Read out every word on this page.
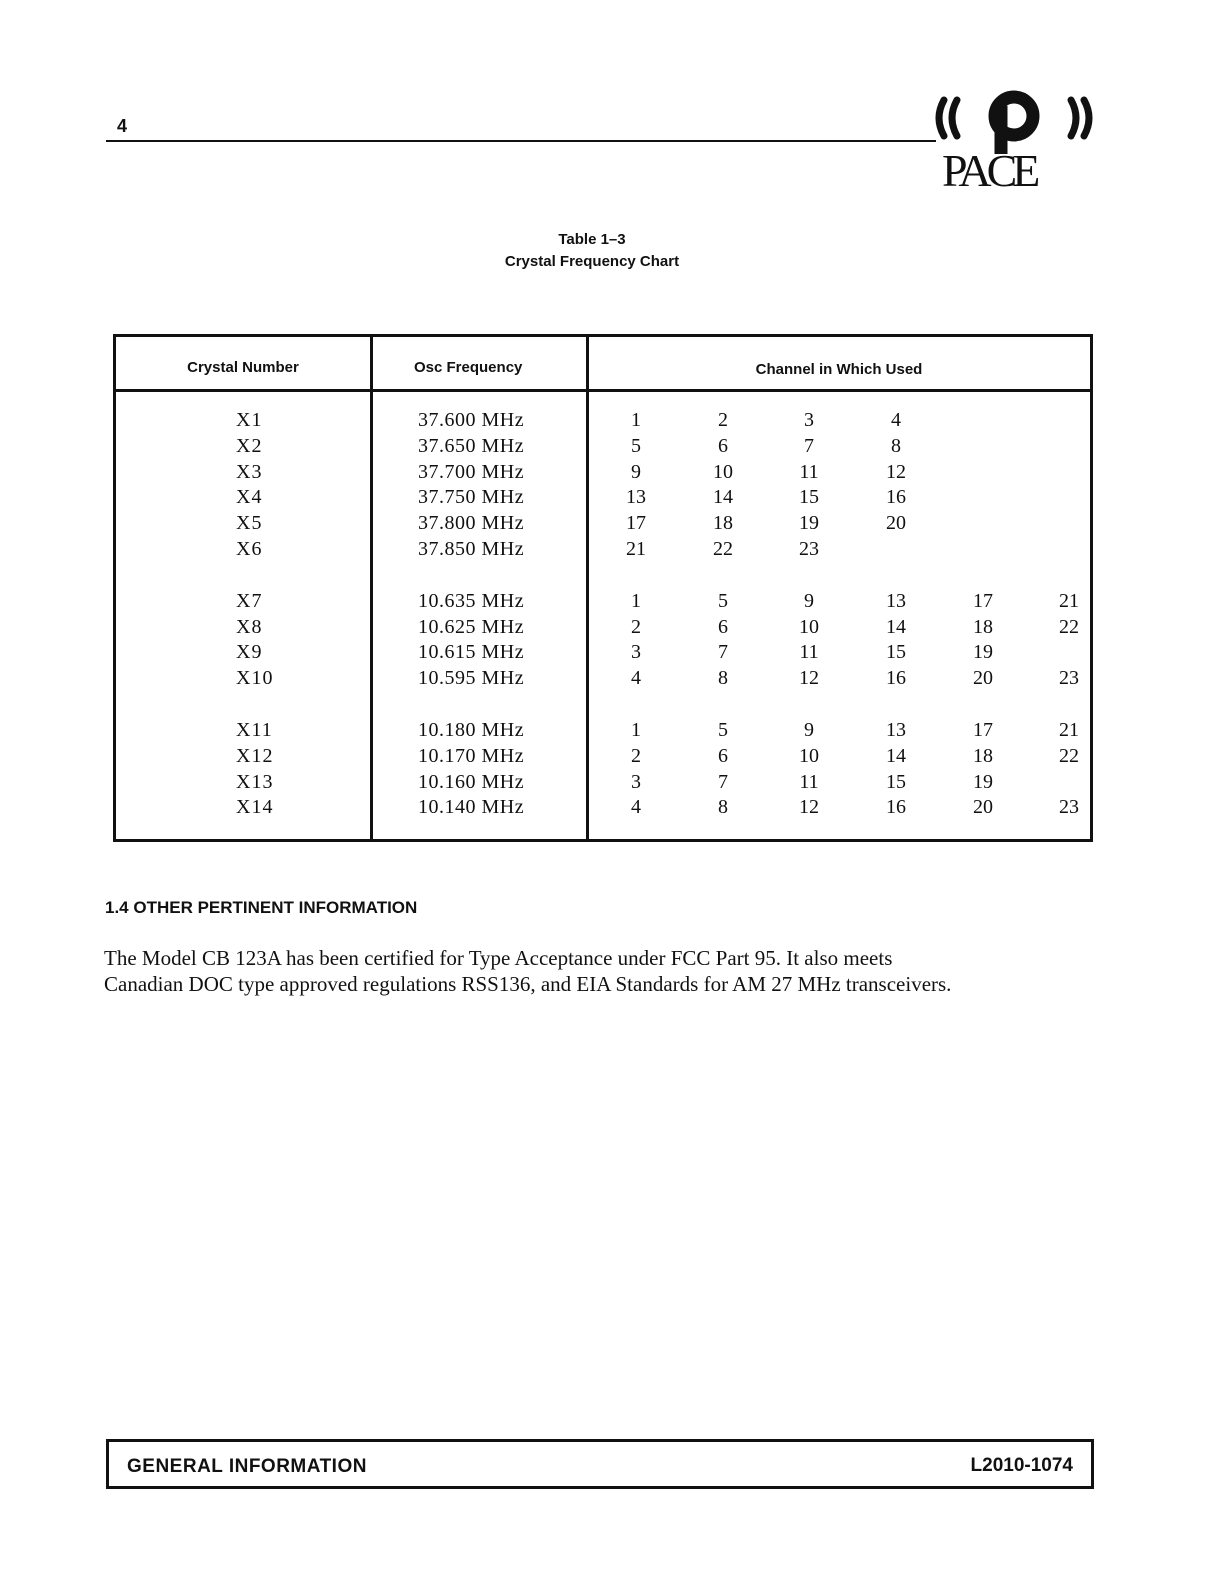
4
PACE
Table 1–3
Crystal Frequency Chart
Crystal Number	Osc Frequency	Channel in Which Used
X1	37.600 MHz	1	2	3	4
X2	37.650 MHz	5	6	7	8
X3	37.700 MHz	9	10	11	12
X4	37.750 MHz	13	14	15	16
X5	37.800 MHz	17	18	19	20
X6	37.850 MHz	21	22	23
X7	10.635 MHz	1	5	9	13	17	21
X8	10.625 MHz	2	6	10	14	18	22
X9	10.615 MHz	3	7	11	15	19
X10	10.595 MHz	4	8	12	16	20	23
X11	10.180 MHz	1	5	9	13	17	21
X12	10.170 MHz	2	6	10	14	18	22
X13	10.160 MHz	3	7	11	15	19
X14	10.140 MHz	4	8	12	16	20	23
1.4 OTHER PERTINENT INFORMATION

The Model CB 123A has been certified for Type Acceptance under FCC Part 95. It also meets

Canadian DOC type approved regulations RSS136, and EIA Standards for AM 27 MHz transceivers.

GENERAL INFORMATION	L2010-1074
